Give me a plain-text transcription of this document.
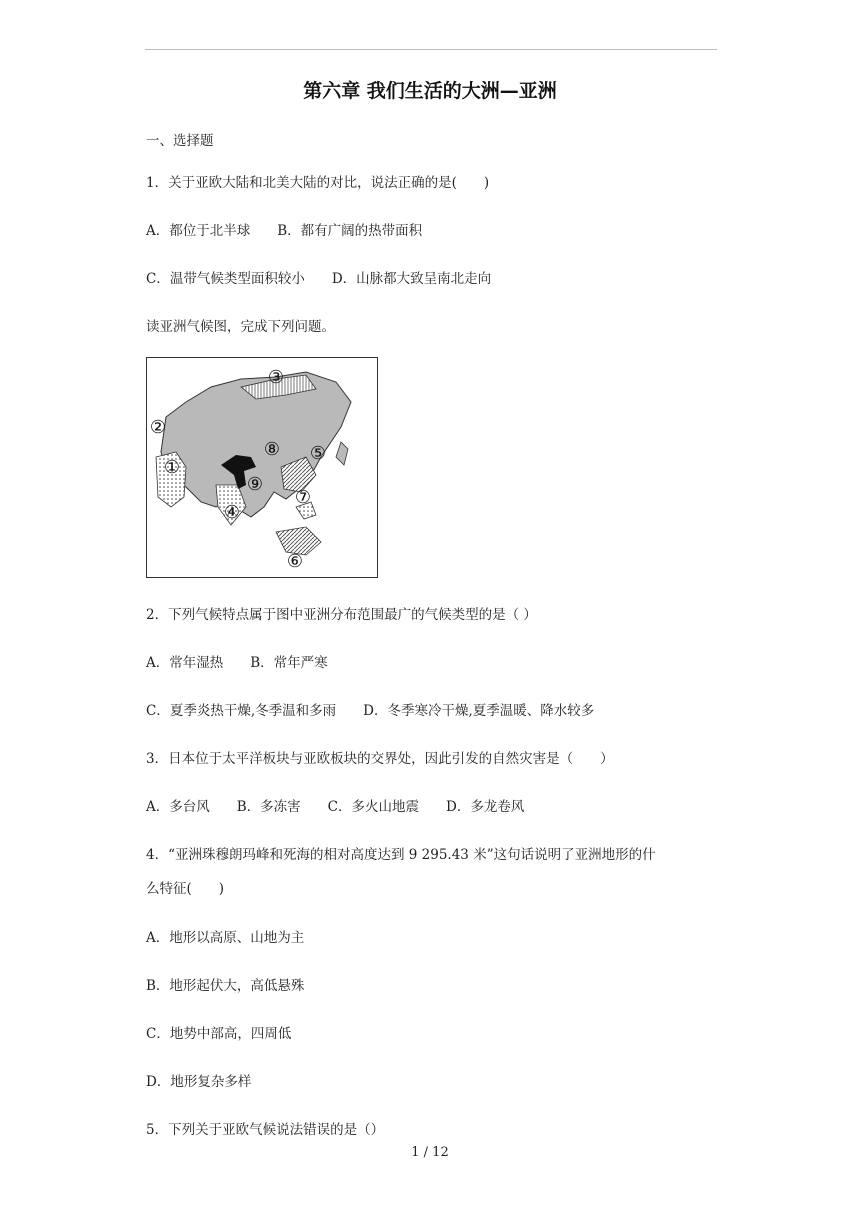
第六章 我们生活的大洲—亚洲
一、选择题
1．关于亚欧大陆和北美大陆的对比，说法正确的是(　　)
A．都位于北半球　　B．都有广阔的热带面积
C．温带气候类型面积较小　　D．山脉都大致呈南北走向
读亚洲气候图，完成下列问题。
①
②
③
④
⑤
⑥
⑦
⑧
⑨
2．下列气候特点属于图中亚洲分布范围最广的气候类型的是（ ）
A．常年湿热　　B．常年严寒
C．夏季炎热干燥,冬季温和多雨　　D．冬季寒冷干燥,夏季温暖、降水较多
3．日本位于太平洋板块与亚欧板块的交界处，因此引发的自然灾害是（　　）
A．多台风　　B．多冻害　　C．多火山地震　　D．多龙卷风
4．“亚洲珠穆朗玛峰和死海的相对高度达到 9 295.43 米”这句话说明了亚洲地形的什
么特征(　　)
A．地形以高原、山地为主
B．地形起伏大，高低悬殊
C．地势中部高，四周低
D．地形复杂多样
5．下列关于亚欧气候说法错误的是（）
1 / 12
